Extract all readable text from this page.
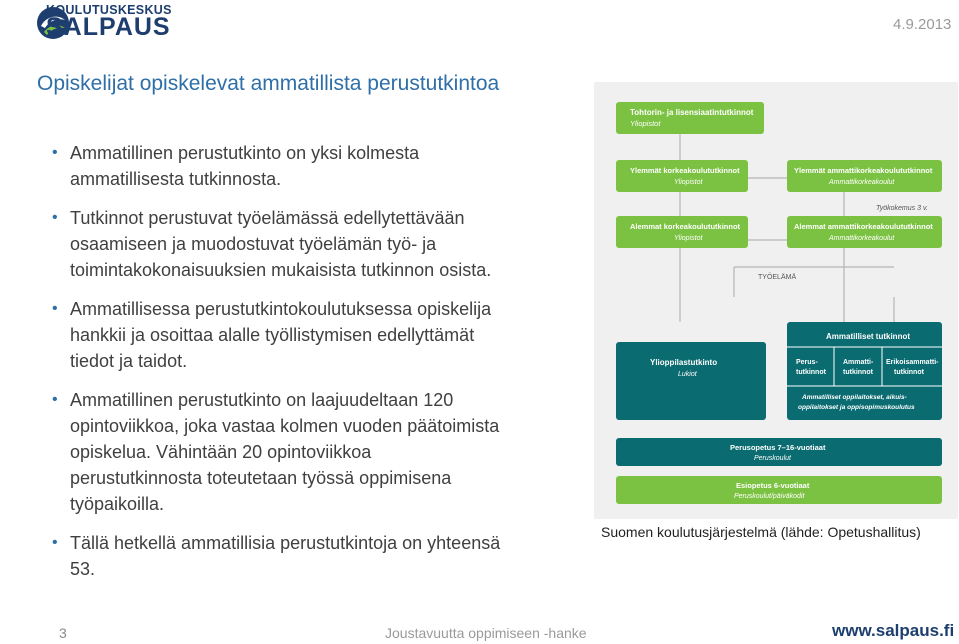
KOULUTUSKESKUS
SALPAUS	4.9.2013
Opiskelijat opiskelevat ammatillista perustutkintoa
• Ammatillinen perustutkinto on yksi kolmesta ammatillisesta tutkinnosta.
• Tutkinnot perustuvat työelämässä edellytettävään osaamiseen ja muodostuvat työelämän työ- ja toimintakokonaisuuksien mukaisista tutkinnon osista.
• Ammatillisessa perustutkintokoulutuksessa opiskelija hankkii ja osoittaa alalle työllistymisen edellyttämät tiedot ja taidot.
• Ammatillinen perustutkinto on laajuudeltaan 120 opintoviikkoa, joka vastaa kolmen vuoden päätoimista opiskelua. Vähintään 20 opintoviikkoa perustutkinnosta toteutetaan työssä oppimisena työpaikoilla.
• Tällä hetkellä ammatillisia perustutkintoja on yhteensä 53.
Tohtorin- ja lisensiaatintutkinnot
Yliopistot
Ylemmät korkeakoulututkinnot
Yliopistot
Ylemmät ammattikorkeakoulututkinnot
Ammattikorkeakoulut
Työkokemus 3 v.
Alemmat korkeakoulututkinnot
Yliopistot
Alemmat ammattikorkeakoulututkinnot
Ammattikorkeakoulut
TYÖELÄMÄ
Ylioppilastutkinto
Lukiot
Ammatilliset tutkinnot
Perus-
tutkinnot
Ammatti-
tutkinnot
Erikoisammatti-
tutkinnot
Ammatilliset oppilaitokset, aikuis-
oppilaitokset ja oppisopimuskoulutus
Perusopetus 7–16-vuotiaat
Peruskoulut
Esiopetus 6-vuotiaat
Peruskoulut/päiväkodit
Suomen koulutusjärjestelmä (lähde: Opetushallitus)
3	Joustavuutta oppimiseen -hanke	www.salpaus.fi
